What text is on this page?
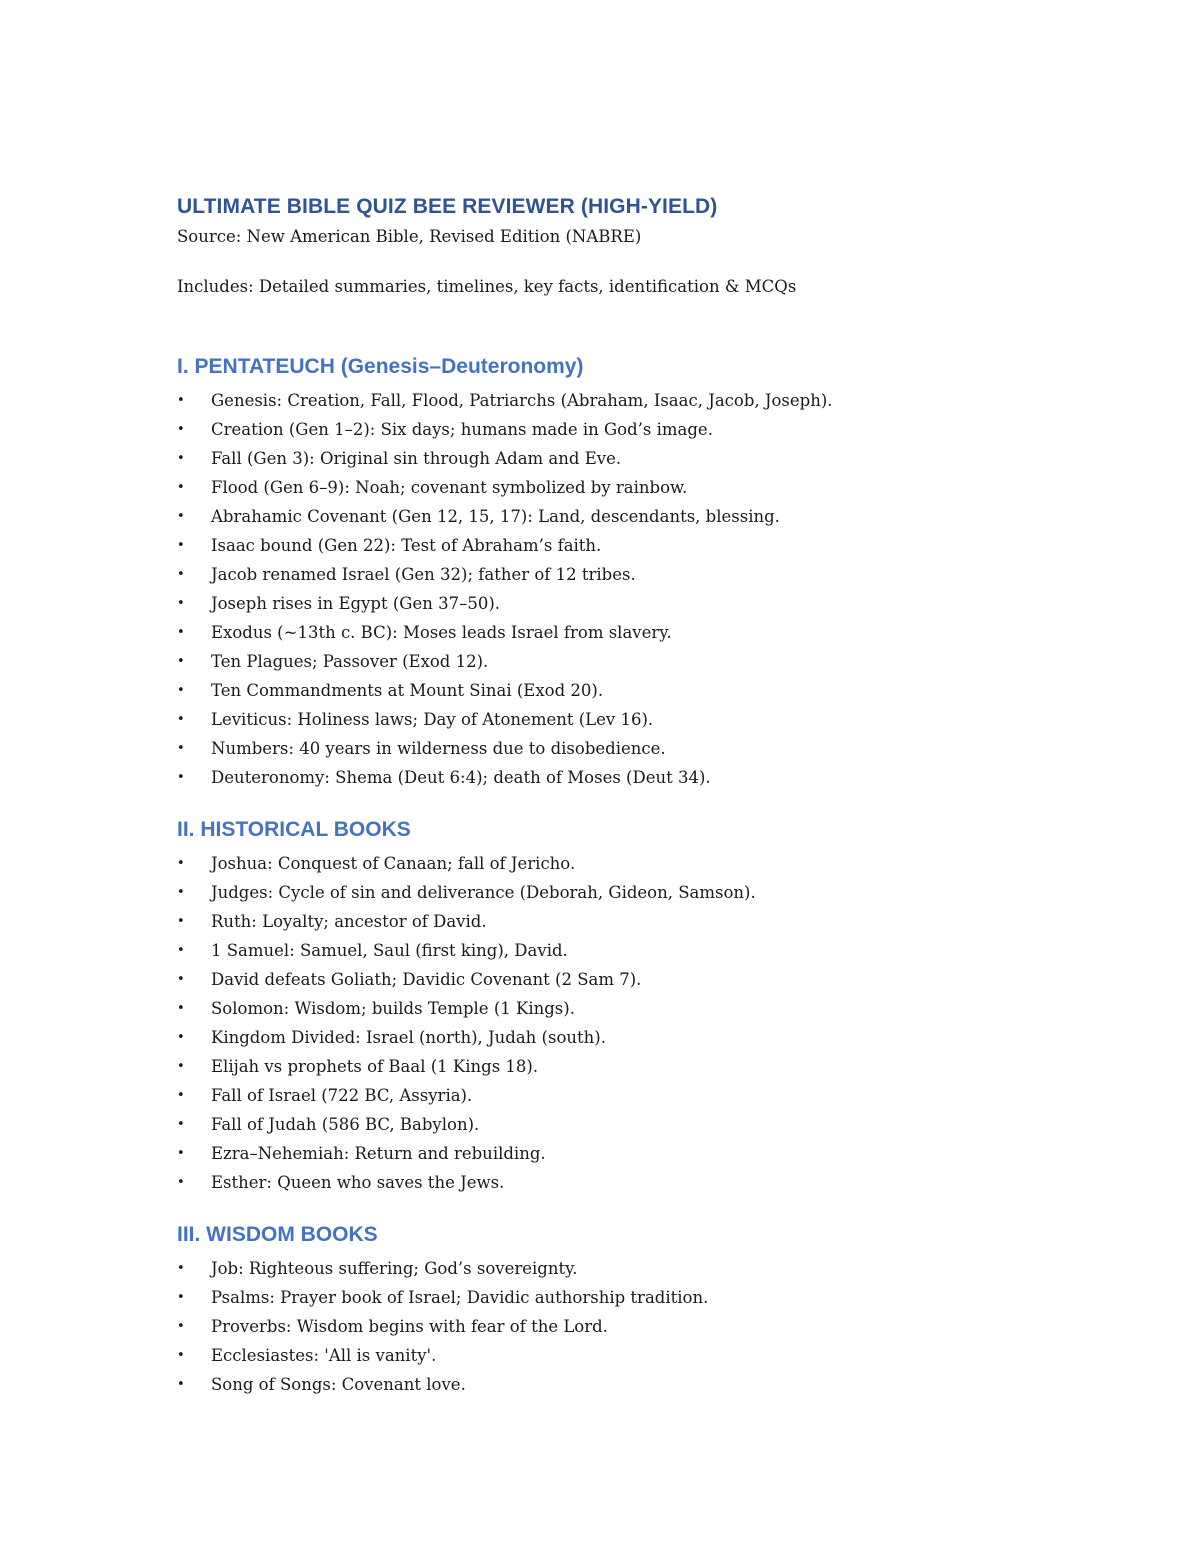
ULTIMATE BIBLE QUIZ BEE REVIEWER (HIGH-YIELD)

Source: New American Bible, Revised Edition (NABRE)

Includes: Detailed summaries, timelines, key facts, identification & MCQs

I. PENTATEUCH (Genesis–Deuteronomy)
•	Genesis: Creation, Fall, Flood, Patriarchs (Abraham, Isaac, Jacob, Joseph).
•	Creation (Gen 1–2): Six days; humans made in God’s image.
•	Fall (Gen 3): Original sin through Adam and Eve.
•	Flood (Gen 6–9): Noah; covenant symbolized by rainbow.
•	Abrahamic Covenant (Gen 12, 15, 17): Land, descendants, blessing.
•	Isaac bound (Gen 22): Test of Abraham’s faith.
•	Jacob renamed Israel (Gen 32); father of 12 tribes.
•	Joseph rises in Egypt (Gen 37–50).
•	Exodus (~13th c. BC): Moses leads Israel from slavery.
•	Ten Plagues; Passover (Exod 12).
•	Ten Commandments at Mount Sinai (Exod 20).
•	Leviticus: Holiness laws; Day of Atonement (Lev 16).
•	Numbers: 40 years in wilderness due to disobedience.
•	Deuteronomy: Shema (Deut 6:4); death of Moses (Deut 34).
II. HISTORICAL BOOKS
•	Joshua: Conquest of Canaan; fall of Jericho.
•	Judges: Cycle of sin and deliverance (Deborah, Gideon, Samson).
•	Ruth: Loyalty; ancestor of David.
•	1 Samuel: Samuel, Saul (first king), David.
•	David defeats Goliath; Davidic Covenant (2 Sam 7).
•	Solomon: Wisdom; builds Temple (1 Kings).
•	Kingdom Divided: Israel (north), Judah (south).
•	Elijah vs prophets of Baal (1 Kings 18).
•	Fall of Israel (722 BC, Assyria).
•	Fall of Judah (586 BC, Babylon).
•	Ezra–Nehemiah: Return and rebuilding.
•	Esther: Queen who saves the Jews.
III. WISDOM BOOKS
•	Job: Righteous suffering; God’s sovereignty.
•	Psalms: Prayer book of Israel; Davidic authorship tradition.
•	Proverbs: Wisdom begins with fear of the Lord.
•	Ecclesiastes: 'All is vanity'.
•	Song of Songs: Covenant love.
